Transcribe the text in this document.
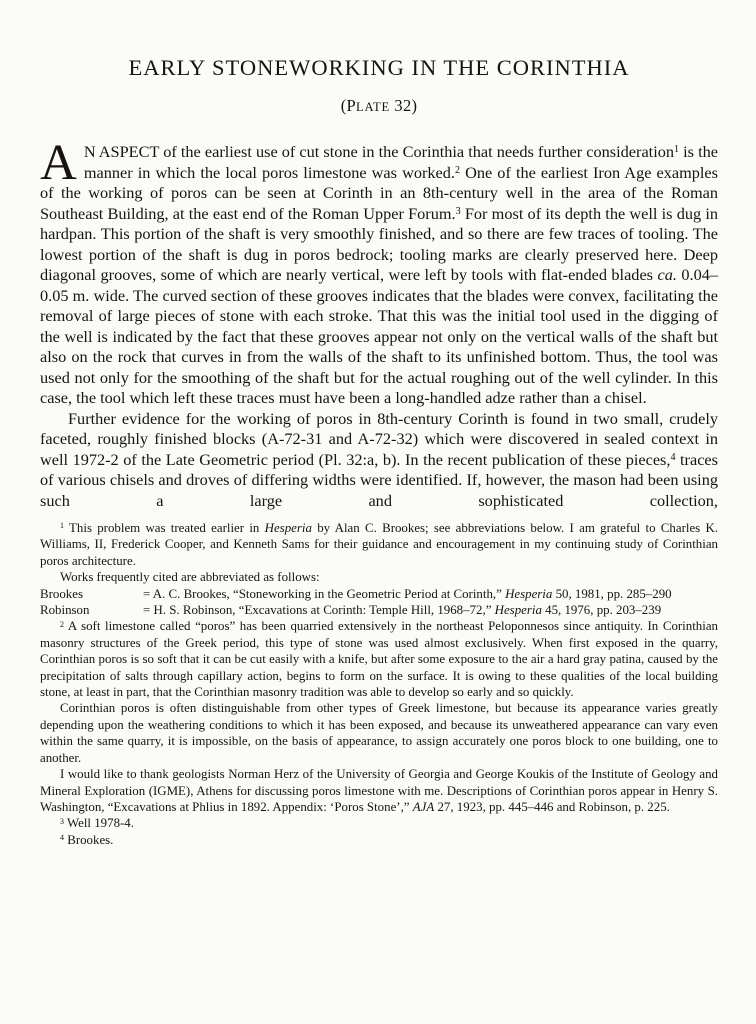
EARLY STONEWORKING IN THE CORINTHIA
(PLATE 32)

A N ASPECT of the earliest use of cut stone in the Corinthia that needs further consideration$^1$ is the manner in which the local poros limestone was worked.$^2$ One of the earliest Iron Age examples of the working of poros can be seen at Corinth in an 8th-century well in the area of the Roman Southeast Building, at the east end of the Roman Upper Forum.$^3$ For most of its depth the well is dug in hardpan. This portion of the shaft is very smoothly finished, and so there are few traces of tooling. The lowest portion of the shaft is dug in poros bedrock; tooling marks are clearly preserved here. Deep diagonal grooves, some of which are nearly vertical, were left by tools with flat-ended blades ca. 0.04–0.05 m. wide. The curved section of these grooves indicates that the blades were convex, facilitating the removal of large pieces of stone with each stroke. That this was the initial tool used in the digging of the well is indicated by the fact that these grooves appear not only on the vertical walls of the shaft but also on the rock that curves in from the walls of the shaft to its unfinished bottom. Thus, the tool was used not only for the smoothing of the shaft but for the actual roughing out of the well cylinder. In this case, the tool which left these traces must have been a long-handled adze rather than a chisel.

Further evidence for the working of poros in 8th-century Corinth is found in two small, crudely faceted, roughly finished blocks (A-72-31 and A-72-32) which were discovered in sealed context in well 1972-2 of the Late Geometric period (Pl. 32:a, b). In the recent publication of these pieces,$^4$ traces of various chisels and droves of differing widths were identified. If, however, the mason had been using such a large and sophisticated collection,

$^1$ This problem was treated earlier in Hesperia by Alan C. Brookes; see abbreviations below. I am grateful to Charles K. Williams, II, Frederick Cooper, and Kenneth Sams for their guidance and encouragement in my continuing study of Corinthian poros architecture.

Works frequently cited are abbreviated as follows:

Brookes	= A. C. Brookes, “Stoneworking in the Geometric Period at Corinth,” Hesperia 50, 1981, pp. 285–290
Robinson	= H. S. Robinson, “Excavations at Corinth: Temple Hill, 1968–72,” Hesperia 45, 1976, pp. 203–239

$^2$ A soft limestone called “poros” has been quarried extensively in the northeast Peloponnesos since antiquity. In Corinthian masonry structures of the Greek period, this type of stone was used almost exclusively. When first exposed in the quarry, Corinthian poros is so soft that it can be cut easily with a knife, but after some exposure to the air a hard gray patina, caused by the precipitation of salts through capillary action, begins to form on the surface. It is owing to these qualities of the local building stone, at least in part, that the Corinthian masonry tradition was able to develop so early and so quickly.

Corinthian poros is often distinguishable from other types of Greek limestone, but because its appearance varies greatly depending upon the weathering conditions to which it has been exposed, and because its unweathered appearance can vary even within the same quarry, it is impossible, on the basis of appearance, to assign accurately one poros block to one building, one to another.

I would like to thank geologists Norman Herz of the University of Georgia and George Koukis of the Institute of Geology and Mineral Exploration (IGME), Athens for discussing poros limestone with me. Descriptions of Corinthian poros appear in Henry S. Washington, “Excavations at Phlius in 1892. Appendix: ‘Poros Stone’,” AJA 27, 1923, pp. 445–446 and Robinson, p. 225.

$^3$ Well 1978-4.

$^4$ Brookes.
